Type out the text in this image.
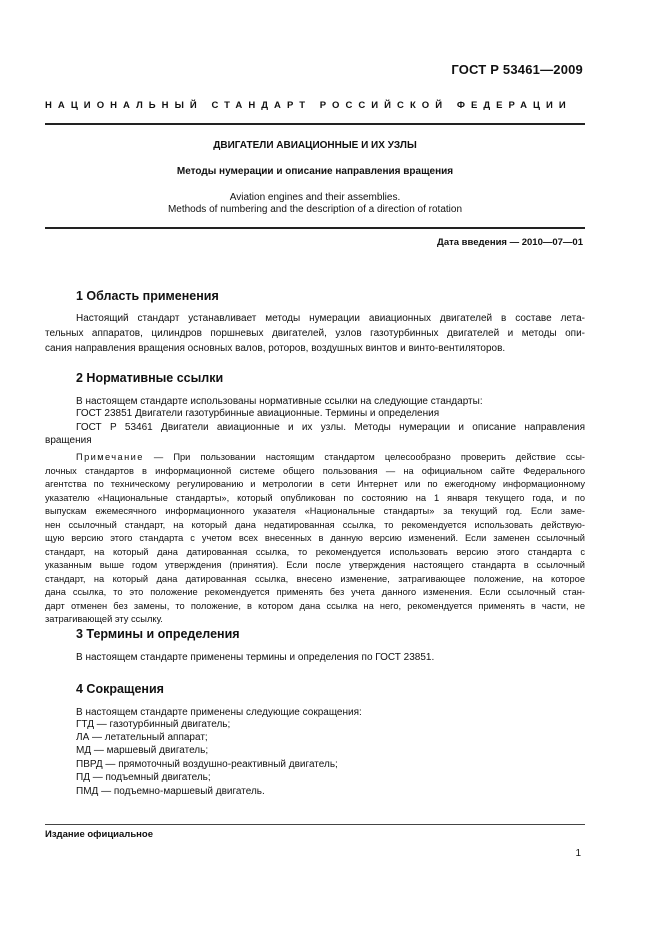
ГОСТ Р 53461—2009
НАЦИОНАЛЬНЫЙ СТАНДАРТ РОССИЙСКОЙ ФЕДЕРАЦИИ
ДВИГАТЕЛИ АВИАЦИОННЫЕ И ИХ УЗЛЫ
Методы нумерации и описание направления вращения
Aviation engines and their assemblies.
Methods of numbering and the description of a direction of rotation
Дата введения — 2010—07—01
1 Область применения
Настоящий стандарт устанавливает методы нумерации авиационных двигателей в составе лета-
тельных аппаратов, цилиндров поршневых двигателей, узлов газотурбинных двигателей и методы опи-
сания направления вращения основных валов, роторов, воздушных винтов и винто-вентиляторов.
2 Нормативные ссылки
В настоящем стандарте использованы нормативные ссылки на следующие стандарты:
ГОСТ 23851 Двигатели газотурбинные авиационные. Термины и определения
ГОСТ Р 53461 Двигатели авиационные и их узлы. Методы нумерации и описание направления
вращения
Примечание — При пользовании настоящим стандартом целесообразно проверить действие ссы-
лочных стандартов в информационной системе общего пользования — на официальном сайте Федерального
агентства по техническому регулированию и метрологии в сети Интернет или по ежегодному информационному
указателю «Национальные стандарты», который опубликован по состоянию на 1 января текущего года, и по
выпускам ежемесячного информационного указателя «Национальные стандарты» за текущий год. Если заме-
нен ссылочный стандарт, на который дана недатированная ссылка, то рекомендуется использовать действую-
щую версию этого стандарта с учетом всех внесенных в данную версию изменений. Если заменен ссылочный
стандарт, на который дана датированная ссылка, то рекомендуется использовать версию этого стандарта с
указанным выше годом утверждения (принятия). Если после утверждения настоящего стандарта в ссылочный
стандарт, на который дана датированная ссылка, внесено изменение, затрагивающее положение, на которое
дана ссылка, то это положение рекомендуется применять без учета данного изменения. Если ссылочный стан-
дарт отменен без замены, то положение, в котором дана ссылка на него, рекомендуется применять в части, не
затрагивающей эту ссылку.
3 Термины и определения
В настоящем стандарте применены термины и определения по ГОСТ 23851.
4 Сокращения
В настоящем стандарте применены следующие сокращения:
ГТД — газотурбинный двигатель;
ЛА — летательный аппарат;
МД — маршевый двигатель;
ПВРД — прямоточный воздушно-реактивный двигатель;
ПД — подъемный двигатель;
ПМД — подъемно-маршевый двигатель.
Издание официальное
1
